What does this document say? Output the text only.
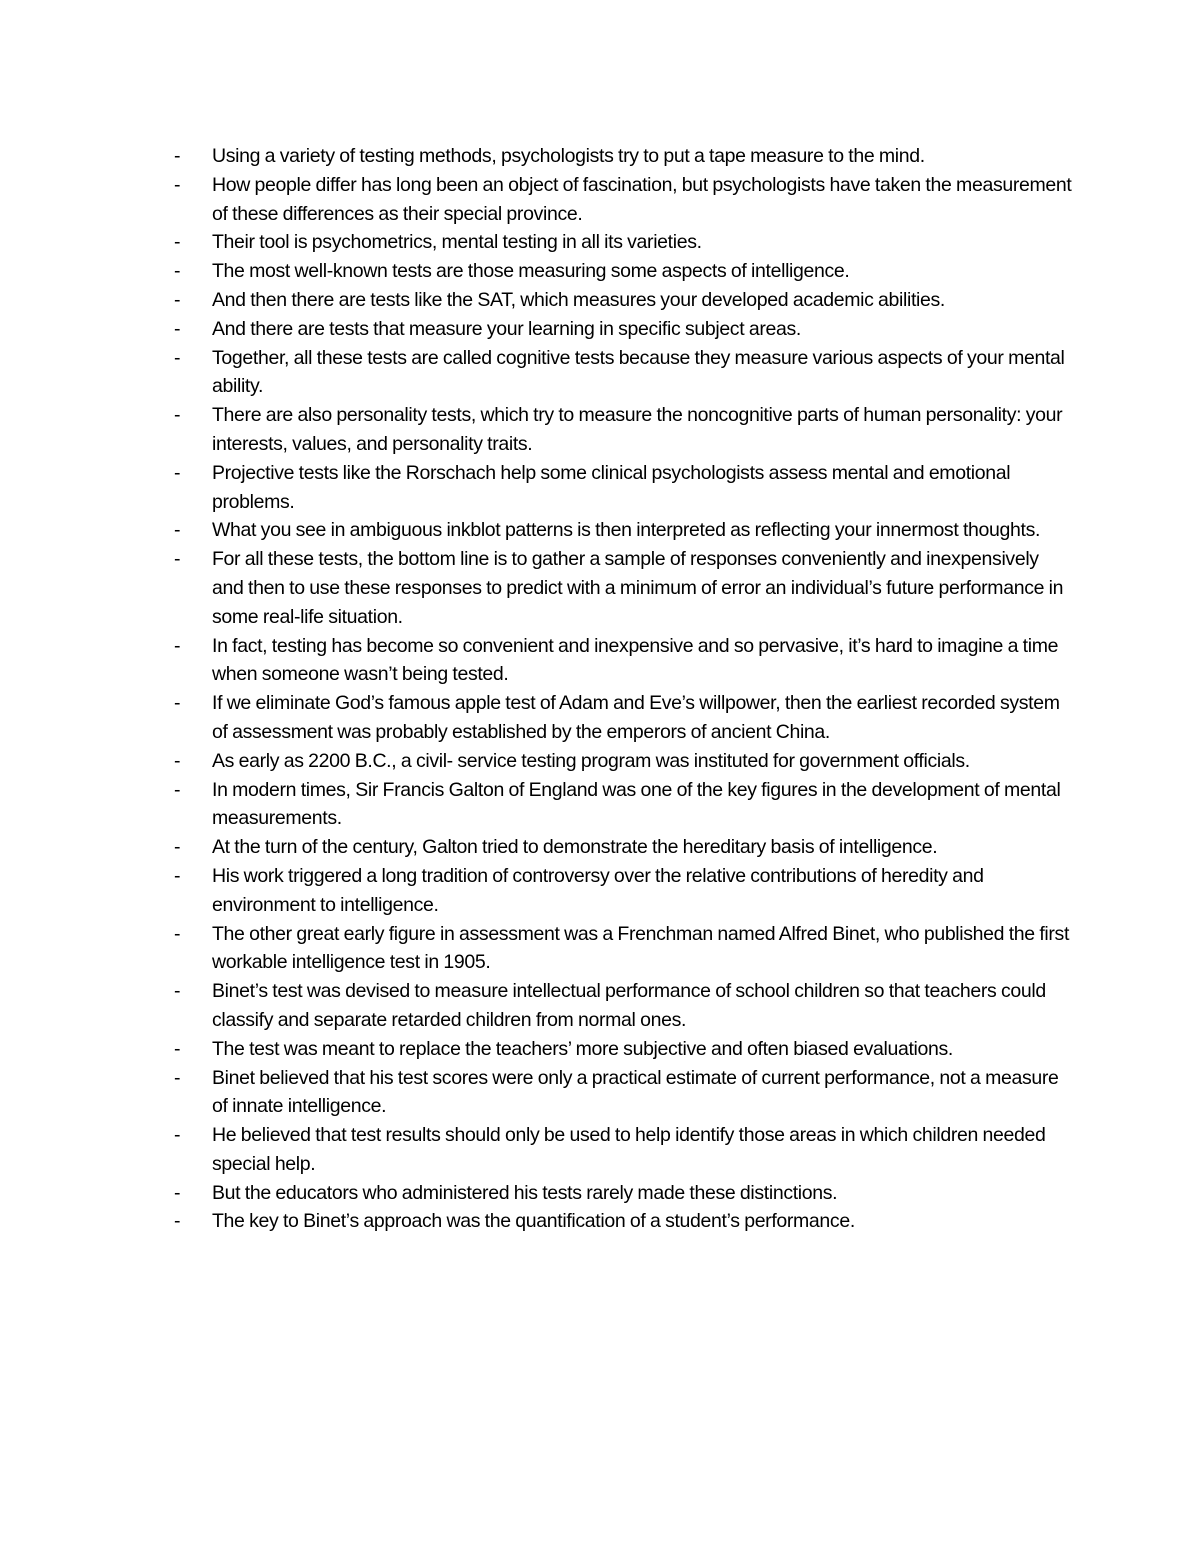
-	Using a variety of testing methods, psychologists try to put a tape measure to the mind.
-	How people differ has long been an object of fascination, but psychologists have taken the measurement of these differences as their special province.
-	Their tool is psychometrics, mental testing in all its varieties.
-	The most well-known tests are those measuring some aspects of intelligence.
-	And then there are tests like the SAT, which measures your developed academic abilities.
-	And there are tests that measure your learning in specific subject areas.
-	Together, all these tests are called cognitive tests because they measure various aspects of your mental ability.
-	There are also personality tests, which try to measure the noncognitive parts of human personality: your interests, values, and personality traits.
-	Projective tests like the Rorschach help some clinical psychologists assess mental and emotional problems.
-	What you see in ambiguous inkblot patterns is then interpreted as reflecting your innermost thoughts.
-	For all these tests, the bottom line is to gather a sample of responses conveniently and inexpensively and then to use these responses to predict with a minimum of error an individual’s future performance in some real-life situation.
-	In fact, testing has become so convenient and inexpensive and so pervasive, it’s hard to imagine a time when someone wasn’t being tested.
-	If we eliminate God’s famous apple test of Adam and Eve’s willpower, then the earliest recorded system of assessment was probably established by the emperors of ancient China.
-	As early as 2200 B.C., a civil- service testing program was instituted for government officials.
-	In modern times, Sir Francis Galton of England was one of the key figures in the development of mental measurements.
-	At the turn of the century, Galton tried to demonstrate the hereditary basis of intelligence.
-	His work triggered a long tradition of controversy over the relative contributions of heredity and environment to intelligence.
-	The other great early figure in assessment was a Frenchman named Alfred Binet, who published the first workable intelligence test in 1905.
-	Binet’s test was devised to measure intellectual performance of school children so that teachers could classify and separate retarded children from normal ones.
-	The test was meant to replace the teachers’ more subjective and often biased evaluations.
-	Binet believed that his test scores were only a practical estimate of current performance, not a measure of innate intelligence.
-	He believed that test results should only be used to help identify those areas in which children needed special help.
-	But the educators who administered his tests rarely made these distinctions.
-	The key to Binet’s approach was the quantification of a student’s performance.
